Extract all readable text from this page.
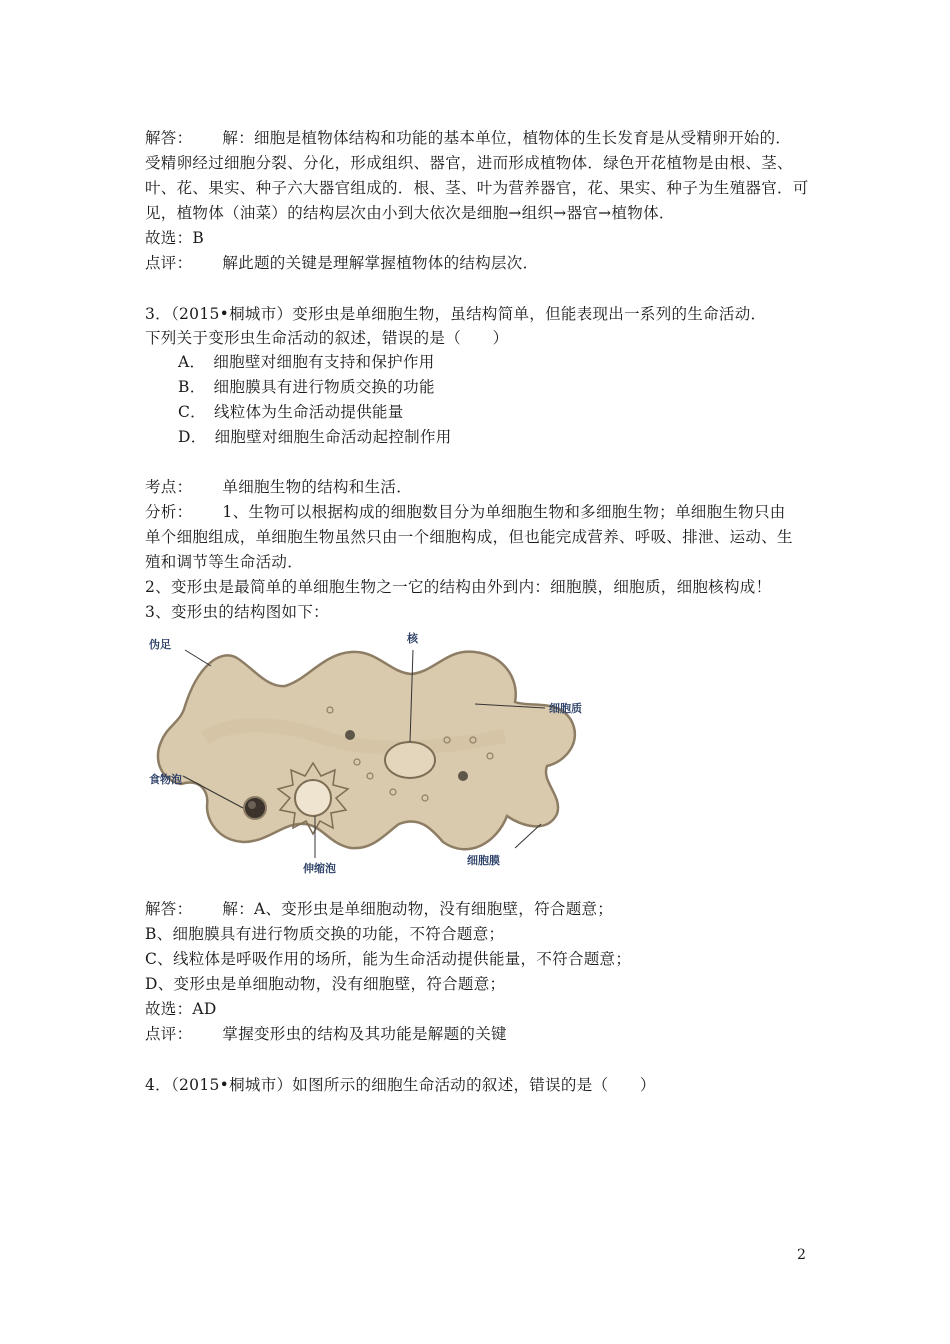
解答： 解：细胞是植物体结构和功能的基本单位，植物体的生长发育是从受精卵开始的．
受精卵经过细胞分裂、分化，形成组织、器官，进而形成植物体．绿色开花植物是由根、茎、
叶、花、果实、种子六大器官组成的．根、茎、叶为营养器官，花、果实、种子为生殖器官．可
见，植物体（油菜）的结构层次由小到大依次是细胞→组织→器官→植物体．
故选：B
点评： 解此题的关键是理解掌握植物体的结构层次．
3．（2015•桐城市）变形虫是单细胞生物，虽结构简单，但能表现出一系列的生命活动．
下列关于变形虫生命活动的叙述，错误的是（　　）
A．　细胞壁对细胞有支持和保护作用
B．　细胞膜具有进行物质交换的功能
C．　线粒体为生命活动提供能量
D．　细胞壁对细胞生命活动起控制作用
考点： 单细胞生物的结构和生活．
分析： 1、生物可以根据构成的细胞数目分为单细胞生物和多细胞生物；单细胞生物只由
单个细胞组成，单细胞生物虽然只由一个细胞构成，但也能完成营养、呼吸、排泄、运动、生
殖和调节等生命活动．
2、变形虫是最简单的单细胞生物之一它的结构由外到内：细胞膜，细胞质，细胞核构成！
3、变形虫的结构图如下：
伪足	核
细胞质
食物泡
伸缩泡
细胞膜
解答： 解：A、变形虫是单细胞动物，没有细胞壁，符合题意；
B、细胞膜具有进行物质交换的功能，不符合题意；
C、线粒体是呼吸作用的场所，能为生命活动提供能量，不符合题意；
D、变形虫是单细胞动物，没有细胞壁，符合题意；
故选：AD
点评： 掌握变形虫的结构及其功能是解题的关键
4．（2015•桐城市）如图所示的细胞生命活动的叙述，错误的是（　　）
2
